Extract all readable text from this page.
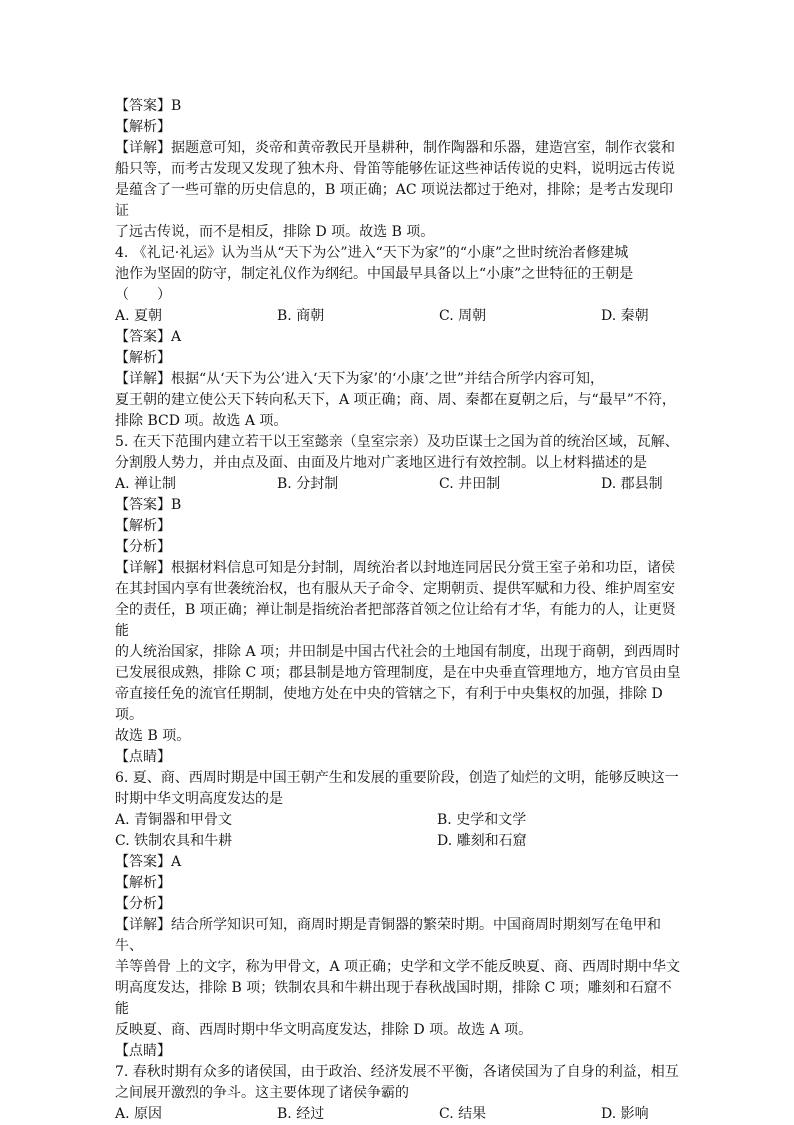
【答案】B
【解析】
【详解】据题意可知，炎帝和黄帝教民开垦耕种，制作陶器和乐器，建造宫室，制作衣裳和
船只等，而考古发现又发现了独木舟、骨笛等能够佐证这些神话传说的史料，说明远古传说
是蕴含了一些可靠的历史信息的，B 项正确；AC 项说法都过于绝对，排除；是考古发现印证
了远古传说，而不是相反，排除 D 项。故选 B 项。
4. 《礼记·礼运》认为当从“天下为公”进入“天下为家”的“小康”之世时统治者修建城
池作为坚固的防守，制定礼仪作为纲纪。中国最早具备以上“小康”之世特征的王朝是
（　　）
A. 夏朝	B. 商朝	C. 周朝	D. 秦朝
【答案】A
【解析】
【详解】根据“从‘天下为公’进入‘天下为家’的‘小康’之世”并结合所学内容可知，
夏王朝的建立使公天下转向私天下，A 项正确；商、周、秦都在夏朝之后，与“最早”不符，
排除 BCD 项。故选 A 项。
5. 在天下范围内建立若干以王室懿亲（皇室宗亲）及功臣谋士之国为首的统治区域，瓦解、
分割殷人势力，并由点及面、由面及片地对广袤地区进行有效控制。以上材料描述的是
A. 禅让制	B. 分封制	C. 井田制	D. 郡县制
【答案】B
【解析】
【分析】
【详解】根据材料信息可知是分封制，周统治者以封地连同居民分赏王室子弟和功臣，诸侯
在其封国内享有世袭统治权，也有服从天子命令、定期朝贡、提供军赋和力役、维护周室安
全的责任，B 项正确；禅让制是指统治者把部落首领之位让给有才华，有能力的人，让更贤能
的人统治国家，排除 A 项；井田制是中国古代社会的土地国有制度，出现于商朝，到西周时
已发展很成熟，排除 C 项；郡县制是地方管理制度，是在中央垂直管理地方，地方官员由皇
帝直接任免的流官任期制，使地方处在中央的管辖之下，有利于中央集权的加强，排除 D 项。
故选 B 项。
【点睛】
6. 夏、商、西周时期是中国王朝产生和发展的重要阶段，创造了灿烂的文明，能够反映这一
时期中华文明高度发达的是
A. 青铜器和甲骨文	B. 史学和文学
C. 铁制农具和牛耕	D. 雕刻和石窟
【答案】A
【解析】
【分析】
【详解】结合所学知识可知，商周时期是青铜器的繁荣时期。中国商周时期刻写在龟甲和牛、
羊等兽骨 上的文字，称为甲骨文，A 项正确；史学和文学不能反映夏、商、西周时期中华文
明高度发达，排除 B 项；铁制农具和牛耕出现于春秋战国时期，排除 C 项；雕刻和石窟不能
反映夏、商、西周时期中华文明高度发达，排除 D 项。故选 A 项。
【点睛】
7. 春秋时期有众多的诸侯国，由于政治、经济发展不平衡，各诸侯国为了自身的利益，相互
之间展开激烈的争斗。这主要体现了诸侯争霸的
A. 原因	B. 经过	C. 结果	D. 影响
